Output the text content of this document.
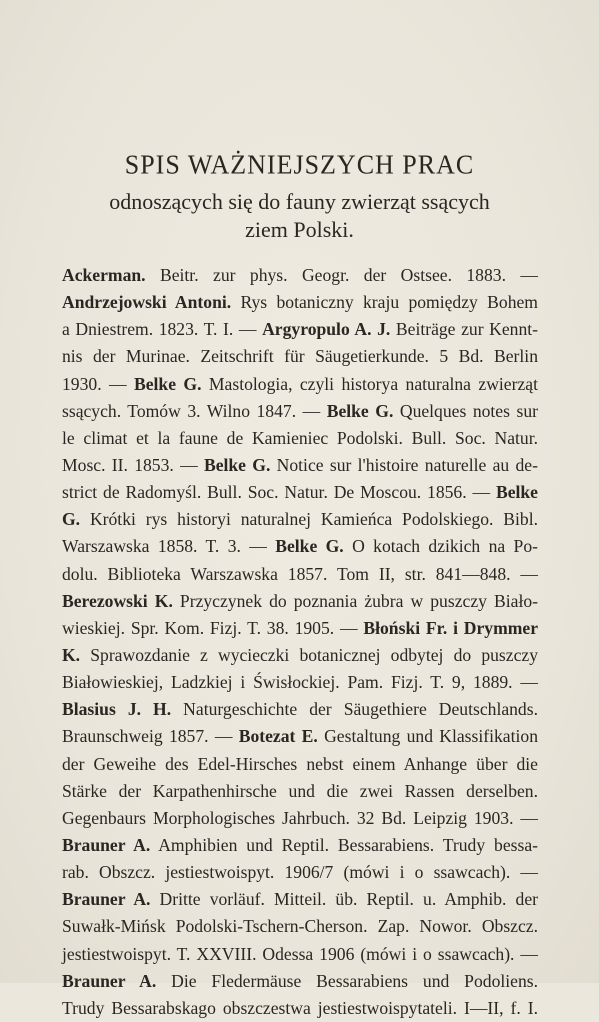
SPIS WAŻNIEJSZYCH PRAC
odnoszących się do fauny zwierząt ssących
ziem Polski.
Ackerman. Beitr. zur phys. Geogr. der Ostsee. 1883. —
Andrzejowski Antoni. Rys botaniczny kraju pomiędzy Bohem
a Dniestrem. 1823. T. I. — Argyropulo A. J. Beiträge zur Kennt-
nis der Murinae. Zeitschrift für Säugetierkunde. 5 Bd. Berlin
1930. — Belke G. Mastologia, czyli historya naturalna zwierząt
ssących. Tomów 3. Wilno 1847. — Belke G. Quelques notes sur
le climat et la faune de Kamieniec Podolski. Bull. Soc. Natur.
Mosc. II. 1853. — Belke G. Notice sur l'histoire naturelle au de-
strict de Radomyśl. Bull. Soc. Natur. De Moscou. 1856. — Belke
G. Krótki rys historyi naturalnej Kamieńca Podolskiego. Bibl.
Warszawska 1858. T. 3. — Belke G. O kotach dzikich na Po-
dolu. Biblioteka Warszawska 1857. Tom II, str. 841—848. —
Berezowski K. Przyczynek do poznania żubra w puszczy Biało-
wieskiej. Spr. Kom. Fizj. T. 38. 1905. — Błoński Fr. i Drymmer
K. Sprawozdanie z wycieczki botanicznej odbytej do puszczy
Białowieskiej, Ladzkiej i Świsłockiej. Pam. Fizj. T. 9, 1889. —
Blasius J. H. Naturgeschichte der Säugethiere Deutschlands.
Braunschweig 1857. — Botezat E. Gestaltung und Klassifikation
der Geweihe des Edel-Hirsches nebst einem Anhange über die
Stärke der Karpathenhirsche und die zwei Rassen derselben.
Gegenbaurs Morphologisches Jahrbuch. 32 Bd. Leipzig 1903. —
Brauner A. Amphibien und Reptil. Bessarabiens. Trudy bessa-
rab. Obszcz. jestiestwoispyt. 1906/7 (mówi i o ssawcach). —
Brauner A. Dritte vorläuf. Mitteil. üb. Reptil. u. Amphib. der
Suwałk-Mińsk Podolski-Tschern-Cherson. Zap. Nowor. Obszcz.
jestiestwoispyt. T. XXVIII. Odessa 1906 (mówi i o ssawcach). —
Brauner A. Die Fledermäuse Bessarabiens und Podoliens.
Trudy Bessarabskago obszczestwa jestiestwoispytateli. I—II, f. I.
